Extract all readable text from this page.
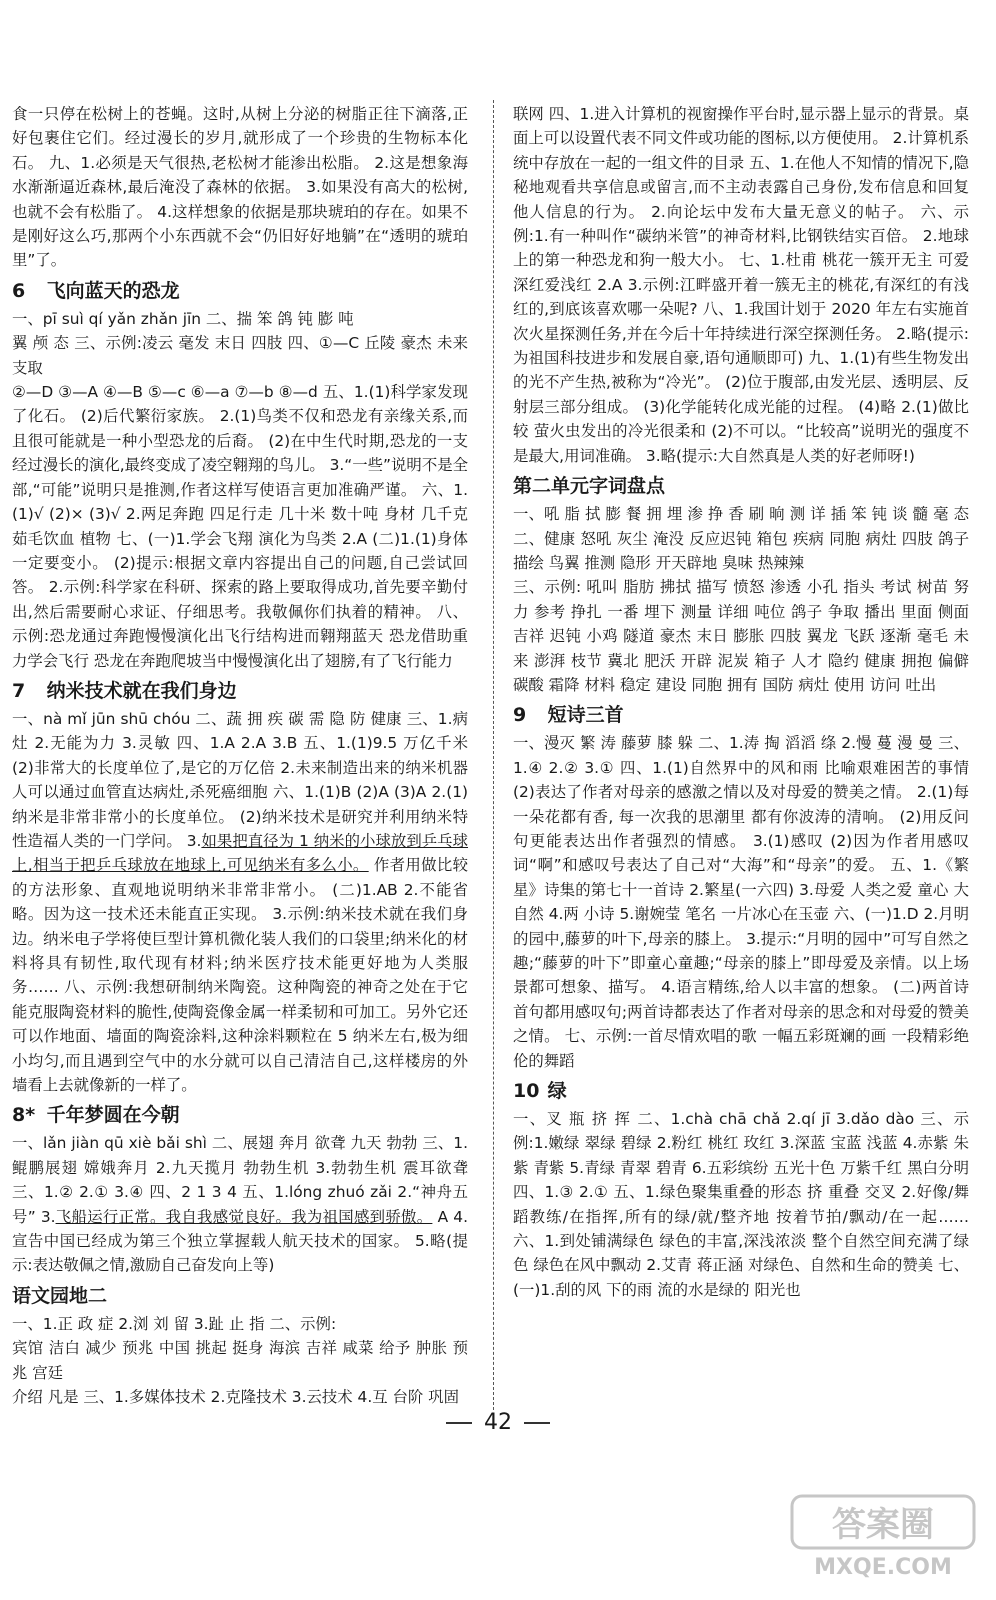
食一只停在松树上的苍蝇。这时,从树上分泌的树脂正往下滴落,正好包裹住它们。经过漫长的岁月,就形成了一个珍贵的生物标本化石。 九、1.必须是天气很热,老松树才能渗出松脂。 2.这是想象海水渐渐逼近森林,最后淹没了森林的依据。 3.如果没有高大的松树,也就不会有松脂了。 4.这样想象的依据是那块琥珀的存在。如果不是刚好这么巧,那两个小东西就不会“仍旧好好地躺”在“透明的琥珀里”了。

6 飞向蓝天的恐龙

一、pī suì qí yǎn zhǎn jīn 二、揣 笨 鸽 钝 膨 吨

翼 颅 态 三、示例:凌云 毫发 末日 四肢 四、①—C 丘陵 豪杰 未来 支取

②—D ③—A ④—B ⑤—c ⑥—a ⑦—b ⑧—d 五、1.(1)科学家发现了化石。 (2)后代繁衍家族。 2.(1)鸟类不仅和恐龙有亲缘关系,而且很可能就是一种小型恐龙的后裔。 (2)在中生代时期,恐龙的一支经过漫长的演化,最终变成了凌空翱翔的鸟儿。 3.“一些”说明不是全部,“可能”说明只是推测,作者这样写使语言更加准确严谨。 六、1.(1)√ (2)× (3)√ 2.两足奔跑 四足行走 几十米 数十吨 身材 几千克 茹毛饮血 植物 七、(一)1.学会飞翔 演化为鸟类 2.A (二)1.(1)身体一定要变小。 (2)提示:根据文章内容提出自己的问题,自己尝试回答。 2.示例:科学家在科研、探索的路上要取得成功,首先要辛勤付出,然后需要耐心求证、仔细思考。我敬佩你们执着的精神。 八、示例:恐龙通过奔跑慢慢演化出飞行结构进而翱翔蓝天 恐龙借助重力学会飞行 恐龙在奔跑爬坡当中慢慢演化出了翅膀,有了飞行能力

7 纳米技术就在我们身边

一、nà mǐ jūn shū chóu 二、蔬 拥 疾 碳 需 隐 防 健康 三、1.病灶 2.无能为力 3.灵敏 四、1.A 2.A 3.B 五、1.(1)9.5 万亿千米 (2)非常大的长度单位了,是它的万亿倍 2.未来制造出来的纳米机器人可以通过血管直达病灶,杀死癌细胞 六、1.(1)B (2)A (3)A 2.(1)纳米是非常非常小的长度单位。 (2)纳米技术是研究并利用纳米特性造福人类的一门学问。 3.如果把直径为 1 纳米的小球放到乒乓球上,相当于把乒乓球放在地球上,可见纳米有多么小。 作者用做比较的方法形象、直观地说明纳米非常非常小。 (二)1.AB 2.不能省略。因为这一技术还未能直正实现。 3.示例:纳米技术就在我们身边。纳米电子学将使巨型计算机微化装人我们的口袋里;纳米化的材料将具有韧性,取代现有材料;纳米医疗技术能更好地为人类服务…… 八、示例:我想研制纳米陶瓷。这种陶瓷的神奇之处在于它能克服陶瓷材料的脆性,使陶瓷像金属一样柔韧和可加工。另外它还可以作地面、墙面的陶瓷涂料,这种涂料颗粒在 5 纳米左右,极为细小均匀,而且遇到空气中的水分就可以自己清洁自己,这样楼房的外墙看上去就像新的一样了。

8* 千年梦圆在今朝

一、lǎn jiàn qū xiè bǎi shì 二、展翅 奔月 欲聋 九天 勃勃 三、1.鲲鹏展翅 嫦娥奔月 2.九天揽月 勃勃生机 3.勃勃生机 震耳欲聋 三、1.② 2.① 3.④ 四、2 1 3 4 五、1.lóng zhuó zǎi 2.“神舟五号” 3.飞船运行正常。我自我感觉良好。我为祖国感到骄傲。 A 4.宣告中国已经成为第三个独立掌握载人航天技术的国家。 5.略(提示:表达敬佩之情,激励自己奋发向上等)

语文园地二

一、1.正 政 症 2.浏 刘 留 3.趾 止 指 二、示例:

宾馆 洁白 减少 预兆 中国 挑起 挺身 海滨 吉祥 咸菜 给予 肿胀 预兆 宫廷

介绍 凡是 三、1.多媒体技术 2.克隆技术 3.云技术 4.互 台阶 巩固

联网 四、1.进入计算机的视窗操作平台时,显示器上显示的背景。桌面上可以设置代表不同文件或功能的图标,以方便使用。 2.计算机系统中存放在一起的一组文件的目录 五、1.在他人不知情的情况下,隐秘地观看共享信息或留言,而不主动表露自己身份,发布信息和回复他人信息的行为。 2.向论坛中发布大量无意义的帖子。 六、示例:1.有一种叫作“碳纳米管”的神奇材料,比钢铁结实百倍。 2.地球上的第一种恐龙和狗一般大小。 七、1.杜甫 桃花一簇开无主 可爱深红爱浅红 2.A 3.示例:江畔盛开着一簇无主的桃花,有深红的有浅红的,到底该喜欢哪一朵呢? 八、1.我国计划于 2020 年左右实施首次火星探测任务,并在今后十年持续进行深空探测任务。 2.略(提示:为祖国科技进步和发展自豪,语句通顺即可) 九、1.(1)有些生物发出的光不产生热,被称为“冷光”。 (2)位于腹部,由发光层、透明层、反射层三部分组成。 (3)化学能转化成光能的过程。 (4)略 2.(1)做比较 萤火虫发出的冷光很柔和 (2)不可以。“比较高”说明光的强度不是最大,用词准确。 3.略(提示:大自然真是人类的好老师呀!)

第二单元字词盘点

一、吼 脂 拭 膨 餐 拥 埋 渗 挣 香 刷 晌 测 详 插 笨 钝 谈 髓 毫 态 二、健康 怒吼 灰尘 淹没 反应迟钝 箱包 疾病 同胞 病灶 四肢 鸽子 描绘 鸟翼 推测 隐形 开天辟地 臭味 热辣辣

三、示例: 吼叫 脂肪 拂拭 描写 愤怒 渗透 小孔 指头 考试 树苗 努力 参考 挣扎 一番 埋下 测量 详细 吨位 鸽子 争取 播出 里面 侧面 吉祥 迟钝 小鸡 隧道 豪杰 末日 膨胀 四肢 翼龙 飞跃 逐渐 毫毛 未来 澎湃 枝节 冀北 肥沃 开辟 泥炭 箱子 人才 隐约 健康 拥抱 偏僻 碳酸 霜降 材料 稳定 建设 同胞 拥有 国防 病灶 使用 访问 吐出

9 短诗三首

一、漫灭 繁 涛 藤萝 膝 躲 二、1.涛 掏 滔滔 绦 2.慢 蔓 漫 曼 三、1.④ 2.② 3.① 四、1.(1)自然界中的风和雨 比喻艰难困苦的事情 (2)表达了作者对母亲的感激之情以及对母爱的赞美之情。 2.(1)每一朵花都有香, 每一次我的思潮里 都有你波涛的清响。 (2)用反问句更能表达出作者强烈的情感。 3.(1)感叹 (2)因为作者用感叹词“啊”和感叹号表达了自己对“大海”和“母亲”的爱。 五、1.《繁星》诗集的第七十一首诗 2.繁星(一六四) 3.母爱 人类之爱 童心 大自然 4.两 小诗 5.谢婉莹 笔名 一片冰心在玉壶 六、(一)1.D 2.月明的园中,藤萝的叶下,母亲的膝上。 3.提示:“月明的园中”可写自然之趣;“藤萝的叶下”即童心童趣;“母亲的膝上”即母爱及亲情。以上场景都可想象、描写。 4.语言精练,给人以丰富的想象。 (二)两首诗首句都用感叹句;两首诗都表达了作者对母亲的思念和对母爱的赞美之情。 七、示例:一首尽情欢唱的歌 一幅五彩斑斓的画 一段精彩绝伦的舞蹈

10 绿

一、叉 瓶 挤 挥 二、1.chà chā chǎ 2.qí jī 3.dǎo dào 三、示例:1.嫩绿 翠绿 碧绿 2.粉红 桃红 玫红 3.深蓝 宝蓝 浅蓝 4.赤紫 朱紫 青紫 5.青绿 青翠 碧青 6.五彩缤纷 五光十色 万紫千红 黑白分明 四、1.③ 2.① 五、1.绿色聚集重叠的形态 挤 重叠 交叉 2.好像/舞蹈教练/在指挥,所有的绿/就/整齐地 按着节拍/飘动/在一起…… 六、1.到处铺满绿色 绿色的丰富,深浅浓淡 整个自然空间充满了绿色 绿色在风中飘动 2.艾青 蒋正涵 对绿色、自然和生命的赞美 七、(一)1.刮的风 下的雨 流的水是绿的 阳光也

42
答案圈
MXQE.COM
